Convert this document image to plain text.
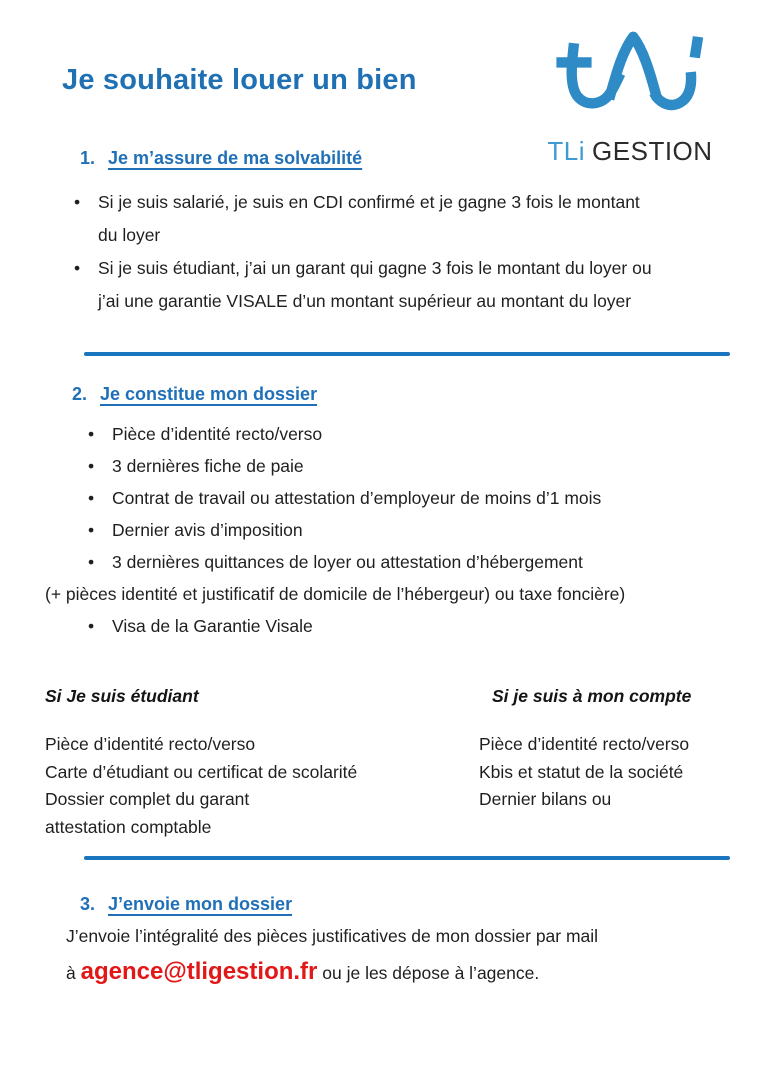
Je souhaite louer un bien
TLi GESTION
1. Je m’assure de ma solvabilité
• Si je suis salarié, je suis en CDI confirmé et je gagne 3 fois le montant du loyer
• Si je suis étudiant, j’ai un garant qui gagne 3 fois le montant du loyer ou j’ai une garantie VISALE d’un montant supérieur au montant du loyer
2. Je constitue mon dossier
• Pièce d’identité recto/verso
• 3 dernières fiche de paie
• Contrat de travail ou attestation d’employeur de moins d’1 mois
• Dernier avis d’imposition
• 3 dernières quittances de loyer ou attestation d’hébergement

(+ pièces identité et justificatif de domicile de l’hébergeur) ou taxe foncière)

• Visa de la Garantie Visale
Si Je suis étudiant

Pièce d’identité recto/verso

Carte d’étudiant ou certificat de scolarité

Dossier complet du garant

attestation comptable

Si je suis à mon compte

Pièce d’identité recto/verso

Kbis et statut de la société

Dernier bilans ou

3. J’envoie mon dossier

J’envoie l’intégralité des pièces justificatives de mon dossier par mail

à agence@tligestion.fr ou je les dépose à l’agence.
